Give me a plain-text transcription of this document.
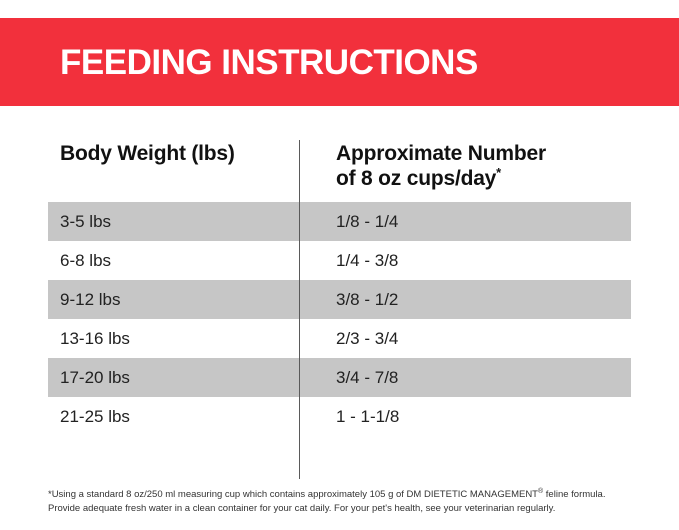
FEEDING INSTRUCTIONS
Body Weight (lbs)	Approximate Number
of 8 oz cups/day*
3-5 lbs	1/8 - 1/4
6-8 lbs	1/4 - 3/8
9-12 lbs	3/8 - 1/2
13-16 lbs	2/3 - 3/4
17-20 lbs	3/4 - 7/8
21-25 lbs	1 - 1-1/8
*Using a standard 8 oz/250 ml measuring cup which contains approximately 105 g of DM DIETETIC MANAGEMENT® feline formula. Provide adequate fresh water in a clean container for your cat daily. For your pet's health, see your veterinarian regularly.
